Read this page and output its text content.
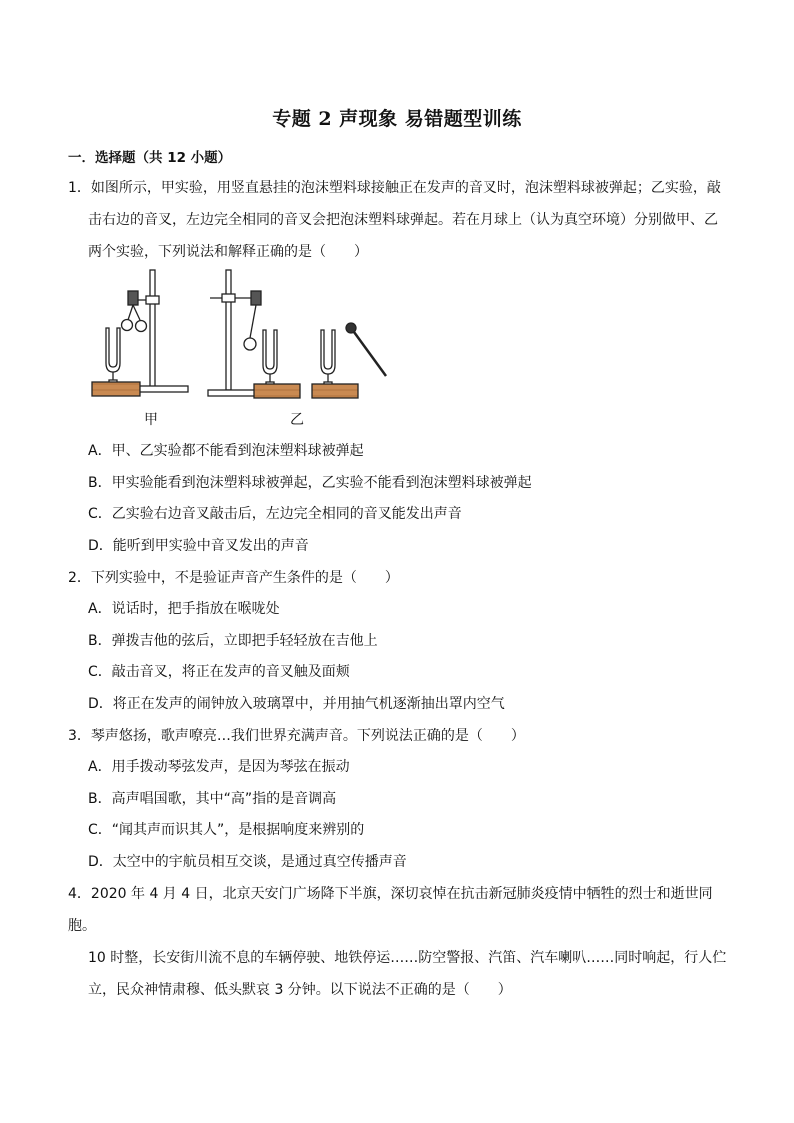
专题 2 声现象 易错题型训练
一．选择题（共 12 小题）
1．如图所示，甲实验，用竖直悬挂的泡沫塑料球接触正在发声的音叉时，泡沫塑料球被弹起；乙实验，敲
击右边的音叉，左边完全相同的音叉会把泡沫塑料球弹起。若在月球上（认为真空环境）分别做甲、乙
两个实验，下列说法和解释正确的是（　　）
甲	乙
A．甲、乙实验都不能看到泡沫塑料球被弹起
B．甲实验能看到泡沫塑料球被弹起，乙实验不能看到泡沫塑料球被弹起
C．乙实验右边音叉敲击后，左边完全相同的音叉能发出声音
D．能听到甲实验中音叉发出的声音
2．下列实验中，不是验证声音产生条件的是（　　）
A．说话时，把手指放在喉咙处
B．弹拨吉他的弦后，立即把手轻轻放在吉他上
C．敲击音叉，将正在发声的音叉触及面颊
D．将正在发声的闹钟放入玻璃罩中，并用抽气机逐渐抽出罩内空气
3．琴声悠扬，歌声嘹亮…我们世界充满声音。下列说法正确的是（　　）
A．用手拨动琴弦发声，是因为琴弦在振动
B．高声唱国歌，其中“高”指的是音调高
C．“闻其声而识其人”，是根据响度来辨别的
D．太空中的宇航员相互交谈，是通过真空传播声音
4．2020 年 4 月 4 日，北京天安门广场降下半旗，深切哀悼在抗击新冠肺炎疫情中牺牲的烈士和逝世同胞。
10 时整，长安街川流不息的车辆停驶、地铁停运……防空警报、汽笛、汽车喇叭……同时响起，行人伫
立，民众神情肃穆、低头默哀 3 分钟。以下说法不正确的是（　　）
